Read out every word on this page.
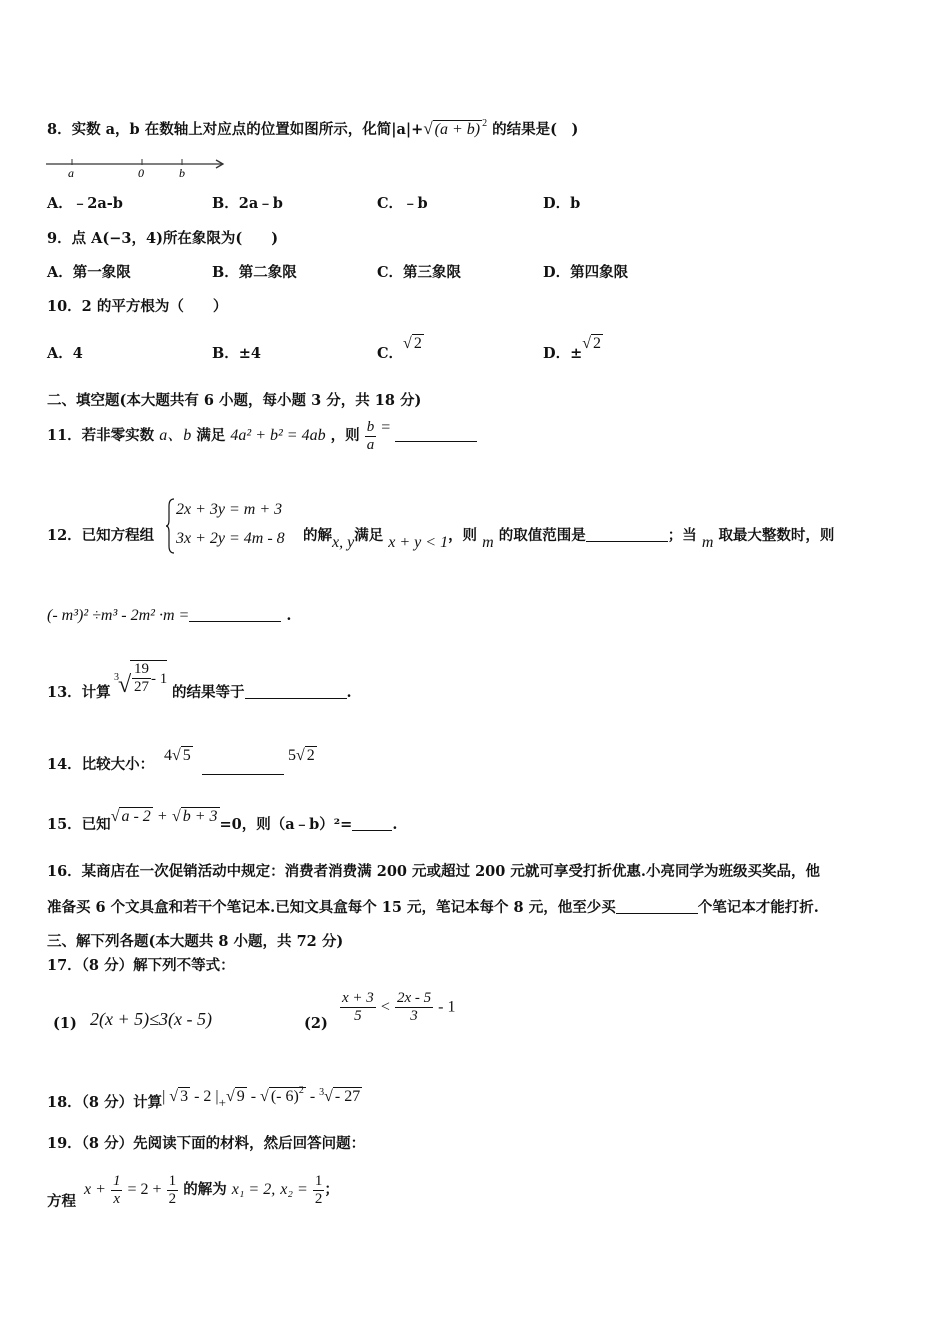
8．实数 a，b 在数轴上对应点的位置如图所示，化简|a|+√ (a + b) $^2$ 的结果是(　)
a	0	b
A．﹣2a-b	B．2a﹣b	C．﹣b	D．b
9．点 A(−3，4)所在象限为(　　)
A．第一象限	B．第二象限	C．第三象限	D．第四象限
10．2 的平方根为（　　）
A．4	B．±4	C．√ 2
D．±√ 2
二、填空题(本大题共有 6 小题，每小题 3 分，共 18 分)
11．若非零实数 a、b 满足 4a² + b² = 4ab ，则 $\frac{b}{a}$ =
2x + 3y = m + 3
3x + 2y = 4m - 8
12．已知方程组	的解x, y满足 x + y < 1，则 m 的取值范围是	；当 m 取最大整数时，则
(- m³)² ÷m³ - 2m² ·m =	.
13．计算
3 √ $\frac{19}{27} - 1$
的结果等于	.
14．比较大小：
4√ 5	5√ 2
15．已知√ a - 2 + √ b + 3 =0，则（a﹣b）²=	.
16．某商店在一次促销活动中规定：消费者消费满 200 元或超过 200 元就可享受打折优惠.小亮同学为班级买奖品，他
准备买 6 个文具盒和若干个笔记本.已知文具盒每个 15 元，笔记本每个 8 元，他至少买	个笔记本才能打折.
三、解下列各题(本大题共 8 小题，共 72 分)
17．（8 分）解下列不等式：
(1) 2(x + 5)≤3(x - 5)	$(2) \frac{x + 3}{5} < \frac{2x - 5}{3} - 1$
18．（8 分）计算| √ 3 - 2 $|_+√$ 9 - √ (- 6)$^2$ - $^3$√ - 27
19．（8 分）先阅读下面的材料，然后回答问题：
方程
$x + \frac{1}{x} = 2 + \frac{1}{2}$ 的解为 x₁ = 2, $x_2 = \frac{1}{2}$ ；
